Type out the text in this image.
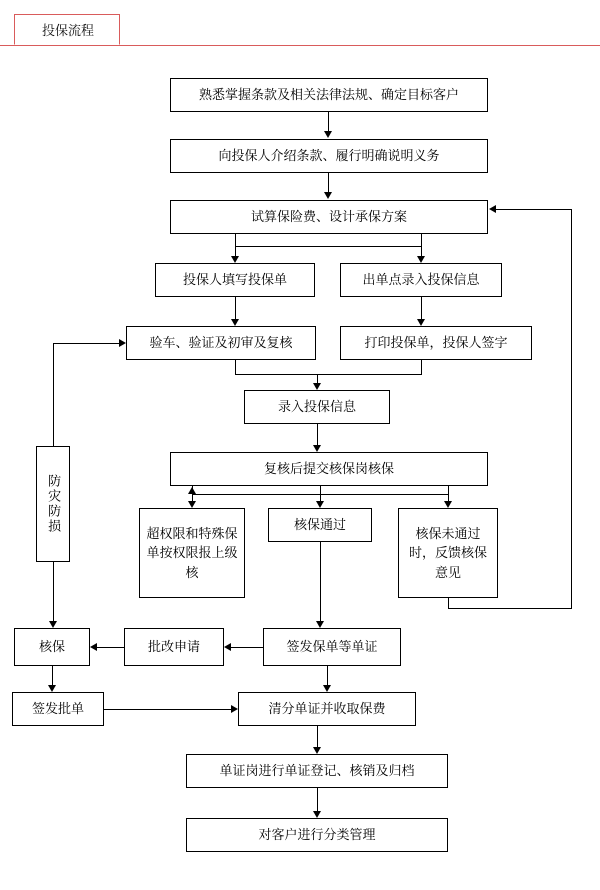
投保流程
熟悉掌握条款及相关法律法规、确定目标客户
向投保人介绍条款、履行明确说明义务
试算保险费、设计承保方案
投保人填写投保单	出单点录入投保信息
验车、验证及初审及复核	打印投保单，投保人签字
录入投保信息
复核后提交核保岗核保
超权限和特殊保单按权限报上级核
核保通过
核保未通过时，反馈核保意见
防灾防损
核保	批改申请	签发保单等单证
签发批单	清分单证并收取保费
单证岗进行单证登记、核销及归档
对客户进行分类管理
